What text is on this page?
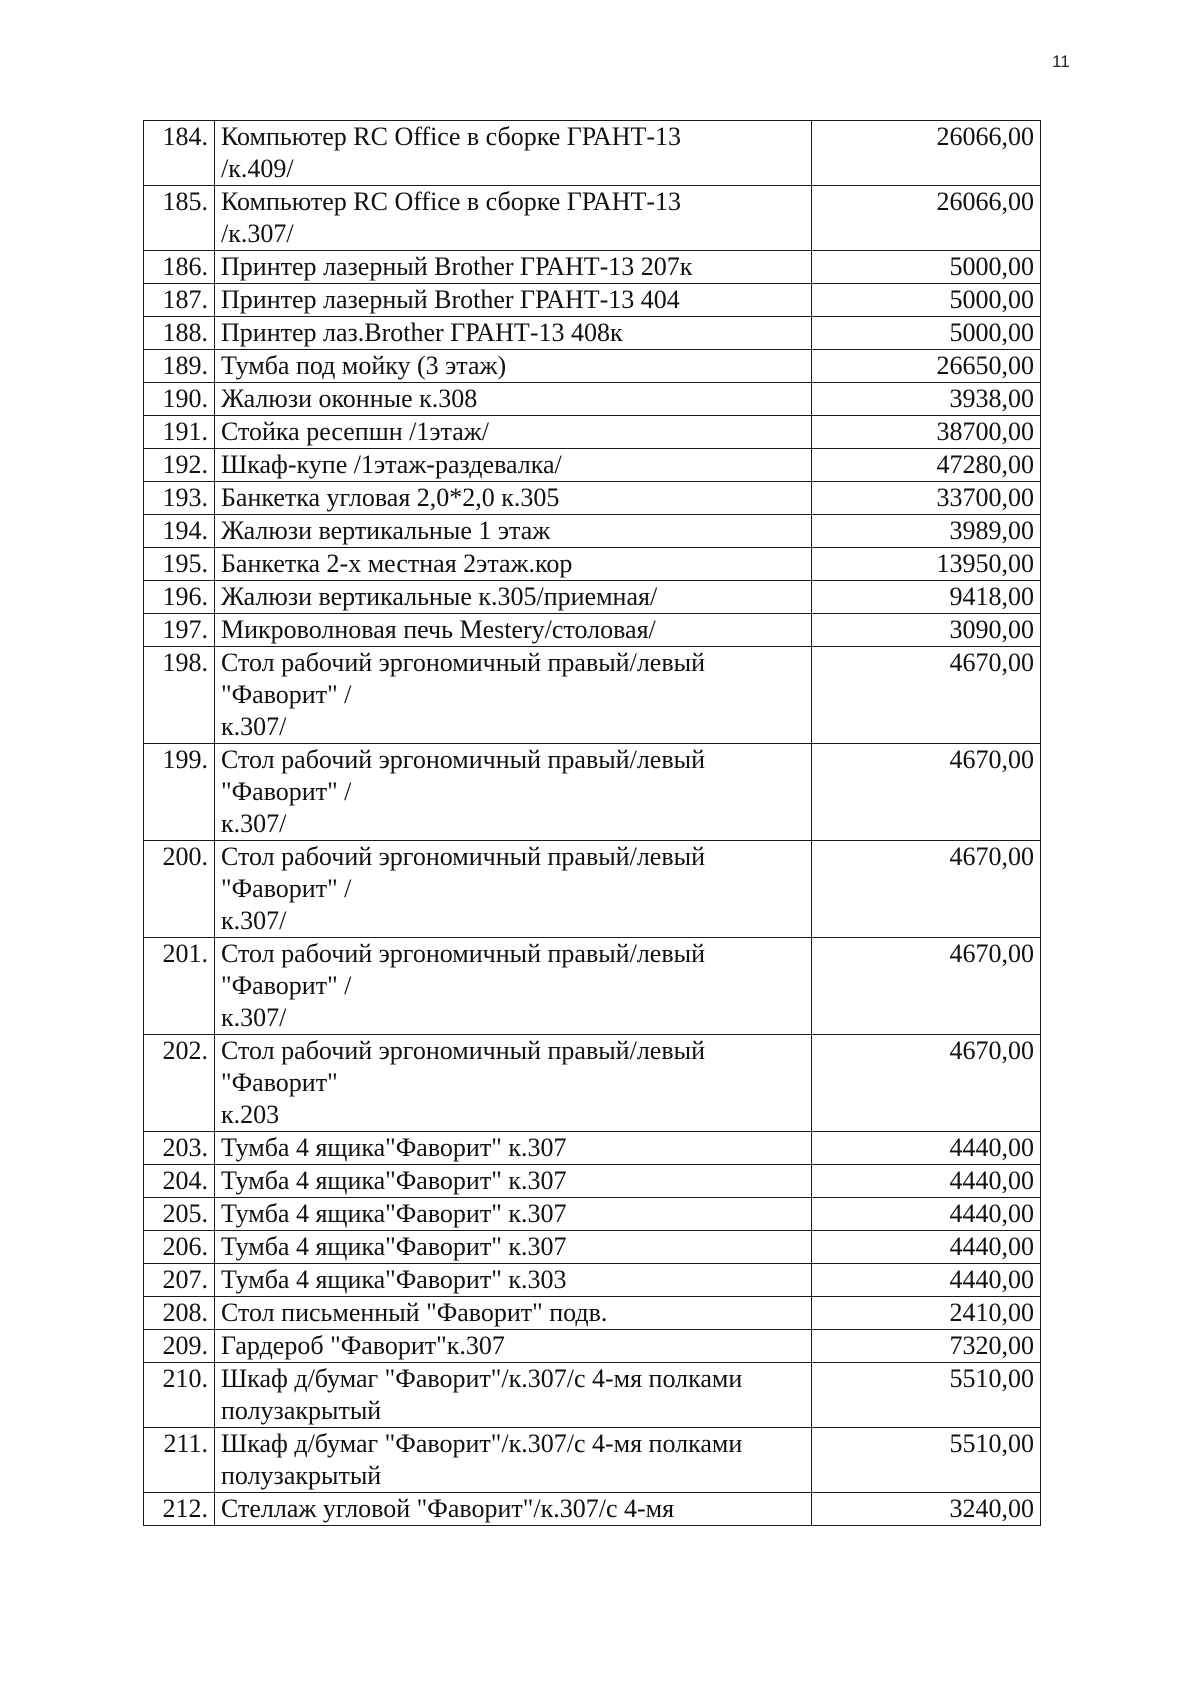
11
184.	Компьютер RC Office в сборке ГРАНТ-13
/к.409/	26066,00
185.	Компьютер RC Office в сборке ГРАНТ-13
/к.307/	26066,00
186.	Принтер лазерный Brother ГРАНТ-13 207к	5000,00
187.	Принтер лазерный Brother ГРАНТ-13 404	5000,00
188.	Принтер лаз.Brother ГРАНТ-13 408к	5000,00
189.	Тумба под мойку (3 этаж)	26650,00
190.	Жалюзи оконные к.308	3938,00
191.	Стойка ресепшн /1этаж/	38700,00
192.	Шкаф-купе /1этаж-раздевалка/	47280,00
193.	Банкетка угловая 2,0*2,0 к.305	33700,00
194.	Жалюзи вертикальные 1 этаж	3989,00
195.	Банкетка 2-х местная 2этаж.кор	13950,00
196.	Жалюзи вертикальные к.305/приемная/	9418,00
197.	Микроволновая печь Mestery/столовая/	3090,00
198.	Стол рабочий эргономичный правый/левый
"Фаворит" /
к.307/	4670,00
199.	Стол рабочий эргономичный правый/левый
"Фаворит" /
к.307/	4670,00
200.	Стол рабочий эргономичный правый/левый
"Фаворит" /
к.307/	4670,00
201.	Стол рабочий эргономичный правый/левый
"Фаворит" /
к.307/	4670,00
202.	Стол рабочий эргономичный правый/левый
"Фаворит"
к.203	4670,00
203.	Тумба 4 ящика"Фаворит" к.307	4440,00
204.	Тумба 4 ящика"Фаворит" к.307	4440,00
205.	Тумба 4 ящика"Фаворит" к.307	4440,00
206.	Тумба 4 ящика"Фаворит" к.307	4440,00
207.	Тумба 4 ящика"Фаворит" к.303	4440,00
208.	Стол письменный "Фаворит" подв.	2410,00
209.	Гардероб "Фаворит"к.307	7320,00
210.	Шкаф д/бумаг "Фаворит"/к.307/с 4-мя полками
полузакрытый	5510,00
211.	Шкаф д/бумаг "Фаворит"/к.307/с 4-мя полками
полузакрытый	5510,00
212.	Стеллаж угловой "Фаворит"/к.307/с 4-мя	3240,00
